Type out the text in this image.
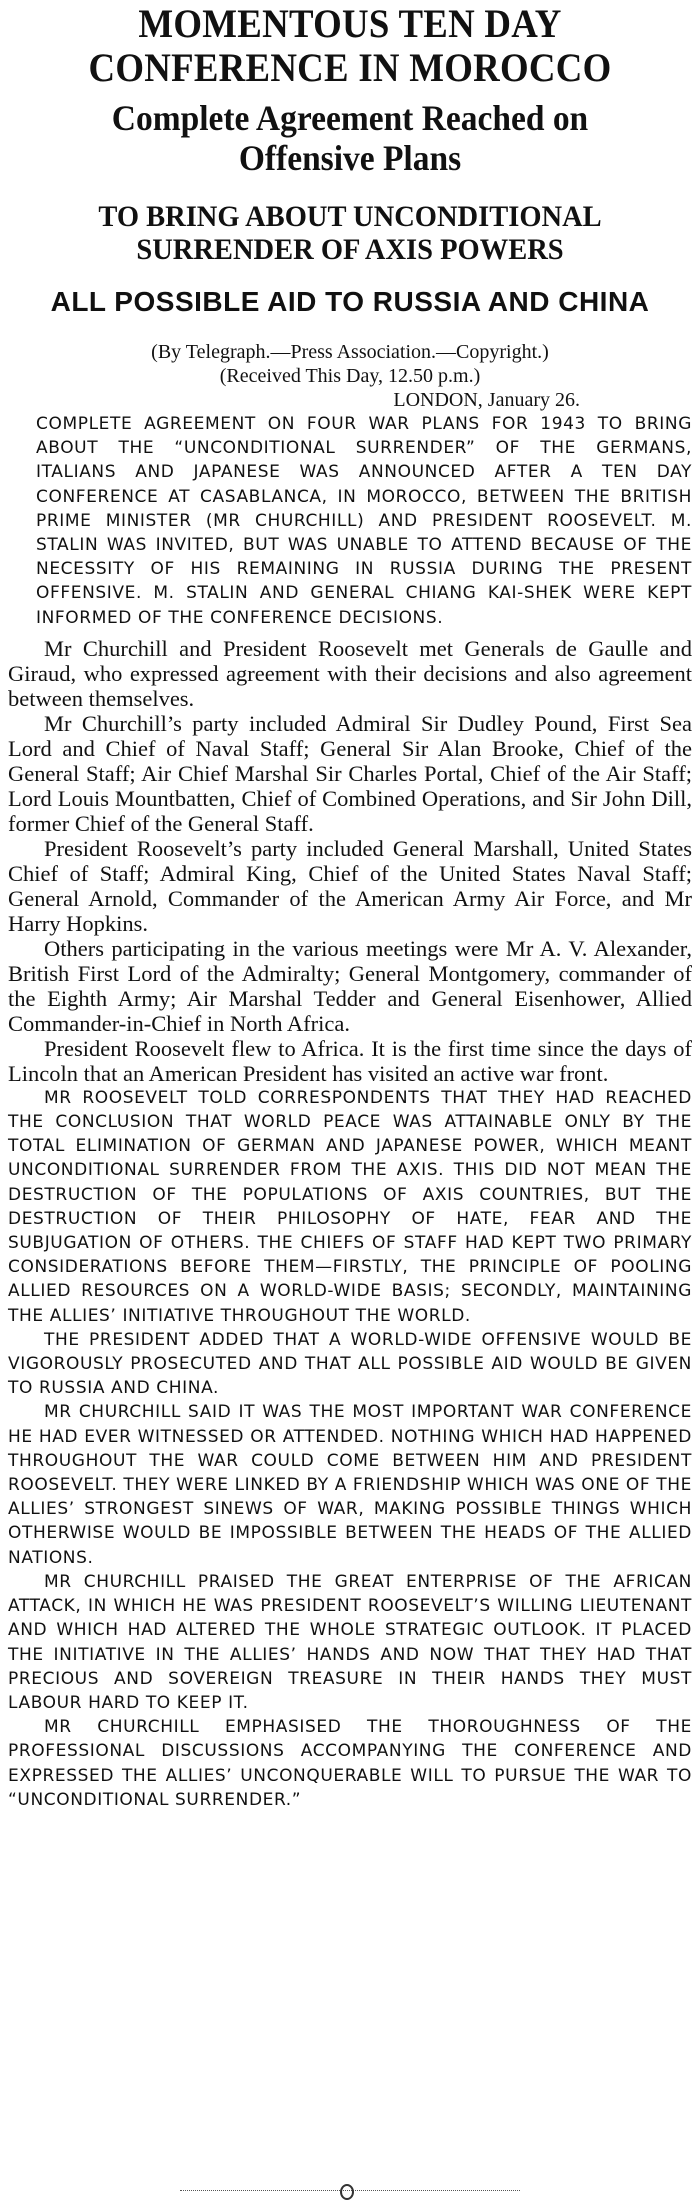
MOMENTOUS TEN DAY CONFERENCE IN MOROCCO
Complete Agreement Reached on Offensive Plans
TO BRING ABOUT UNCONDITIONAL SURRENDER OF AXIS POWERS
ALL POSSIBLE AID TO RUSSIA AND CHINA

(By Telegraph.—Press Association.—Copyright.)

(Received This Day, 12.50 p.m.)

LONDON, January 26.

COMPLETE AGREEMENT ON FOUR WAR PLANS FOR 1943 TO BRING ABOUT THE “UNCONDITIONAL SURRENDER” OF THE GERMANS, ITALIANS AND JAPANESE WAS ANNOUNCED AFTER A TEN DAY CONFERENCE AT CASABLANCA, IN MOROCCO, BETWEEN THE BRITISH PRIME MINISTER (MR CHURCHILL) AND PRESIDENT ROOSEVELT. M. STALIN WAS INVITED, BUT WAS UNABLE TO ATTEND BECAUSE OF THE NECESSITY OF HIS REMAINING IN RUSSIA DURING THE PRESENT OFFENSIVE. M. STALIN AND GENERAL CHIANG KAI-SHEK WERE KEPT INFORMED OF THE CONFERENCE DECISIONS.

Mr Churchill and President Roosevelt met Generals de Gaulle and Giraud, who expressed agreement with their decisions and also agreement between themselves.

Mr Churchill’s party included Admiral Sir Dudley Pound, First Sea Lord and Chief of Naval Staff; General Sir Alan Brooke, Chief of the General Staff; Air Chief Marshal Sir Charles Portal, Chief of the Air Staff; Lord Louis Mountbatten, Chief of Combined Operations, and Sir John Dill, former Chief of the General Staff.

President Roosevelt’s party included General Marshall, United States Chief of Staff; Admiral King, Chief of the United States Naval Staff; General Arnold, Commander of the American Army Air Force, and Mr Harry Hopkins.

Others participating in the various meetings were Mr A. V. Alexander, British First Lord of the Admiralty; General Montgomery, commander of the Eighth Army; Air Marshal Tedder and General Eisenhower, Allied Commander-in-Chief in North Africa.

President Roosevelt flew to Africa. It is the first time since the days of Lincoln that an American President has visited an active war front.

MR ROOSEVELT TOLD CORRESPONDENTS THAT THEY HAD REACHED THE CONCLUSION THAT WORLD PEACE WAS ATTAINABLE ONLY BY THE TOTAL ELIMINATION OF GERMAN AND JAPANESE POWER, WHICH MEANT UNCONDITIONAL SURRENDER FROM THE AXIS. THIS DID NOT MEAN THE DESTRUCTION OF THE POPULATIONS OF AXIS COUNTRIES, BUT THE DESTRUCTION OF THEIR PHILOSOPHY OF HATE, FEAR AND THE SUBJUGATION OF OTHERS. THE CHIEFS OF STAFF HAD KEPT TWO PRIMARY CONSIDERATIONS BEFORE THEM—FIRSTLY, THE PRINCIPLE OF POOLING ALLIED RESOURCES ON A WORLD-WIDE BASIS; SECONDLY, MAINTAINING THE ALLIES’ INITIATIVE THROUGHOUT THE WORLD.

THE PRESIDENT ADDED THAT A WORLD-WIDE OFFENSIVE WOULD BE VIGOROUSLY PROSECUTED AND THAT ALL POSSIBLE AID WOULD BE GIVEN TO RUSSIA AND CHINA.

MR CHURCHILL SAID IT WAS THE MOST IMPORTANT WAR CONFERENCE HE HAD EVER WITNESSED OR ATTENDED. NOTHING WHICH HAD HAPPENED THROUGHOUT THE WAR COULD COME BETWEEN HIM AND PRESIDENT ROOSEVELT. THEY WERE LINKED BY A FRIENDSHIP WHICH WAS ONE OF THE ALLIES’ STRONGEST SINEWS OF WAR, MAKING POSSIBLE THINGS WHICH OTHERWISE WOULD BE IMPOSSIBLE BETWEEN THE HEADS OF THE ALLIED NATIONS.

MR CHURCHILL PRAISED THE GREAT ENTERPRISE OF THE AFRICAN ATTACK, IN WHICH HE WAS PRESIDENT ROOSEVELT’S WILLING LIEUTENANT AND WHICH HAD ALTERED THE WHOLE STRATEGIC OUTLOOK. IT PLACED THE INITIATIVE IN THE ALLIES’ HANDS AND NOW THAT THEY HAD THAT PRECIOUS AND SOVEREIGN TREASURE IN THEIR HANDS THEY MUST LABOUR HARD TO KEEP IT.

MR CHURCHILL EMPHASISED THE THOROUGHNESS OF THE PROFESSIONAL DISCUSSIONS ACCOMPANYING THE CONFERENCE AND EXPRESSED THE ALLIES’ UNCONQUERABLE WILL TO PURSUE THE WAR TO “UNCONDITIONAL SURRENDER.”
